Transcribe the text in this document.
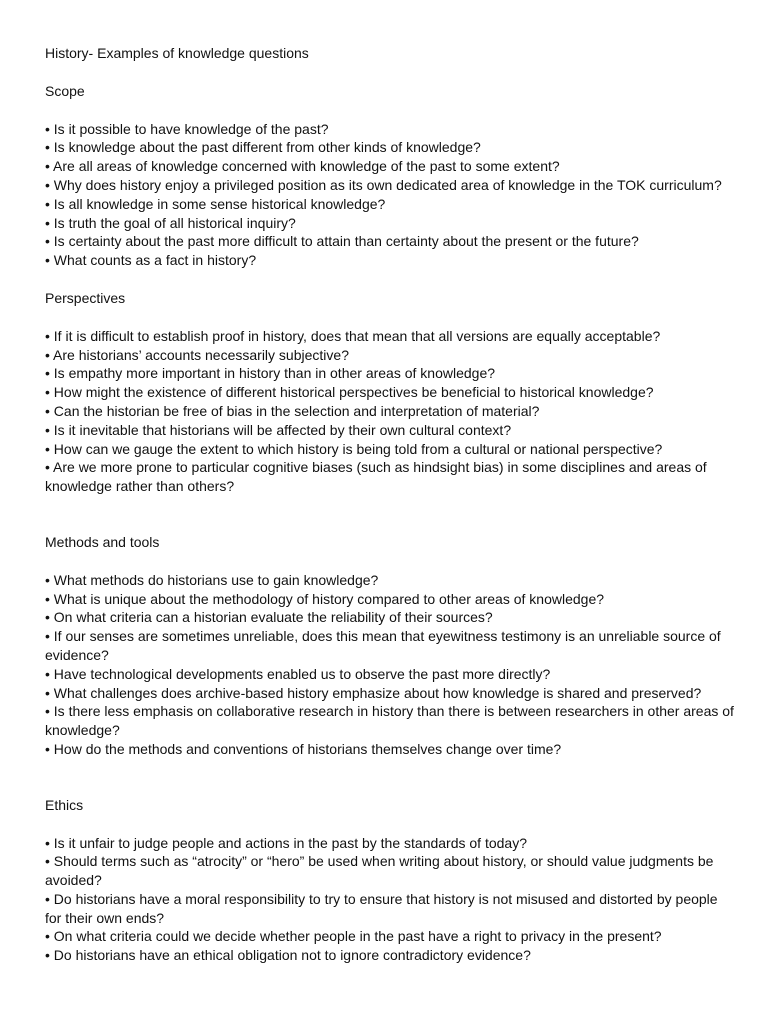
History- Examples of knowledge questions
Scope
• Is it possible to have knowledge of the past?
• Is knowledge about the past different from other kinds of knowledge?
• Are all areas of knowledge concerned with knowledge of the past to some extent?
• Why does history enjoy a privileged position as its own dedicated area of knowledge in the TOK curriculum?
• Is all knowledge in some sense historical knowledge?
• Is truth the goal of all historical inquiry?
• Is certainty about the past more difficult to attain than certainty about the present or the future?
• What counts as a fact in history?
Perspectives
• If it is difficult to establish proof in history, does that mean that all versions are equally acceptable?
• Are historians’ accounts necessarily subjective?
• Is empathy more important in history than in other areas of knowledge?
• How might the existence of different historical perspectives be beneficial to historical knowledge?
• Can the historian be free of bias in the selection and interpretation of material?
• Is it inevitable that historians will be affected by their own cultural context?
• How can we gauge the extent to which history is being told from a cultural or national perspective?
• Are we more prone to particular cognitive biases (such as hindsight bias) in some disciplines and areas of knowledge rather than others?
Methods and tools
• What methods do historians use to gain knowledge?
• What is unique about the methodology of history compared to other areas of knowledge?
• On what criteria can a historian evaluate the reliability of their sources?
• If our senses are sometimes unreliable, does this mean that eyewitness testimony is an unreliable source of evidence?
• Have technological developments enabled us to observe the past more directly?
• What challenges does archive-based history emphasize about how knowledge is shared and preserved?
• Is there less emphasis on collaborative research in history than there is between researchers in other areas of knowledge?
• How do the methods and conventions of historians themselves change over time?
Ethics
• Is it unfair to judge people and actions in the past by the standards of today?
• Should terms such as “atrocity” or “hero” be used when writing about history, or should value judgments be avoided?
• Do historians have a moral responsibility to try to ensure that history is not misused and distorted by people for their own ends?
• On what criteria could we decide whether people in the past have a right to privacy in the present?
• Do historians have an ethical obligation not to ignore contradictory evidence?
